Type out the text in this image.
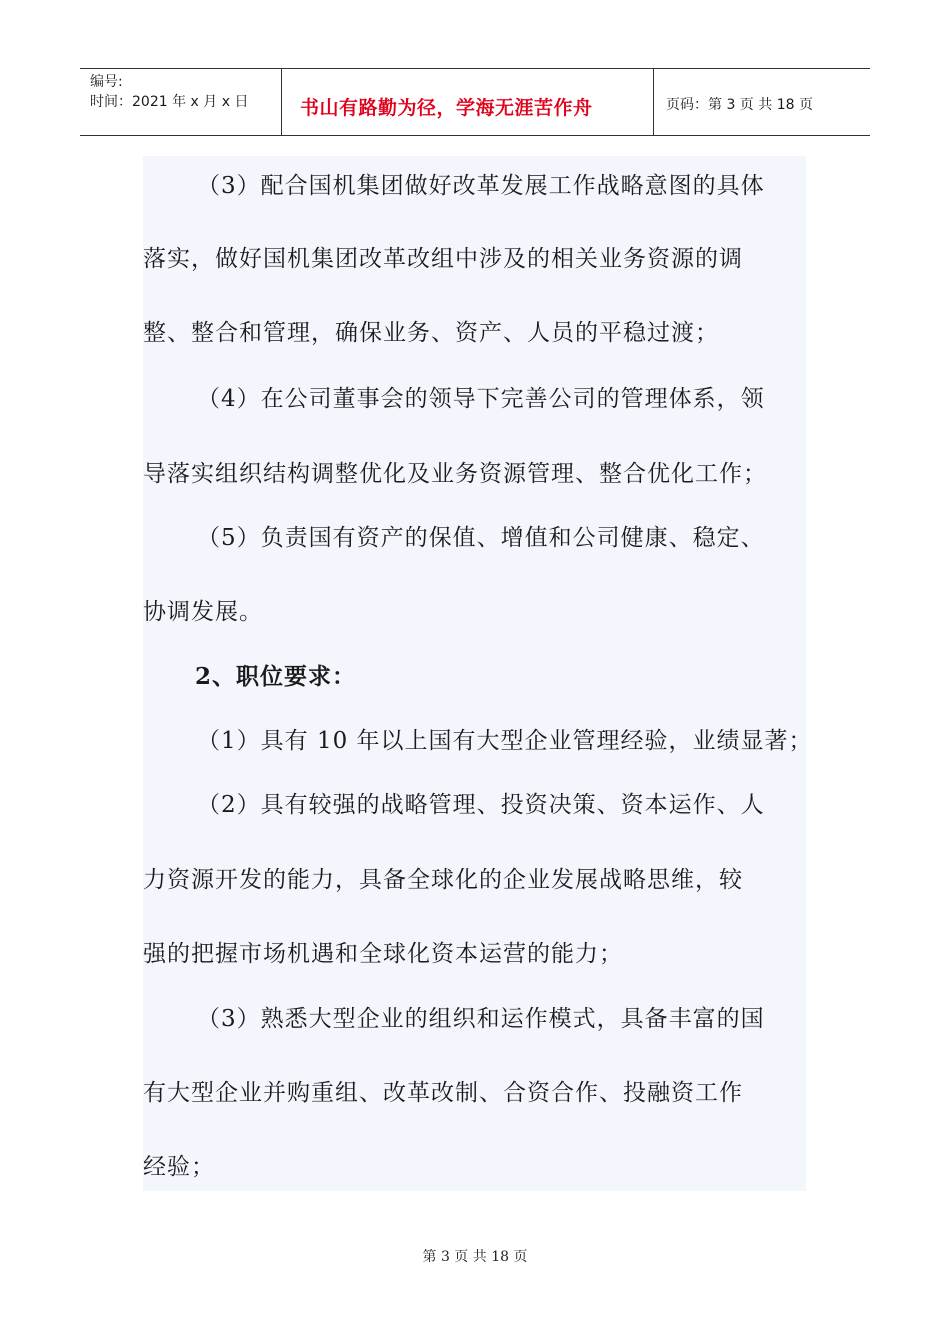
编号:
时间：2021 年 x 月 x 日	书山有路勤为径，学海无涯苦作舟	页码：第 3 页 共 18 页
（3）配合国机集团做好改革发展工作战略意图的具体
落实，做好国机集团改革改组中涉及的相关业务资源的调
整、整合和管理，确保业务、资产、人员的平稳过渡；
（4）在公司董事会的领导下完善公司的管理体系，领
导落实组织结构调整优化及业务资源管理、整合优化工作；
（5）负责国有资产的保值、增值和公司健康、稳定、
协调发展。
2、职位要求：
（1）具有 10 年以上国有大型企业管理经验，业绩显著；
（2）具有较强的战略管理、投资决策、资本运作、人
力资源开发的能力，具备全球化的企业发展战略思维，较
强的把握市场机遇和全球化资本运营的能力；
（3）熟悉大型企业的组织和运作模式，具备丰富的国
有大型企业并购重组、改革改制、合资合作、投融资工作
经验；
第 3 页 共 18 页
